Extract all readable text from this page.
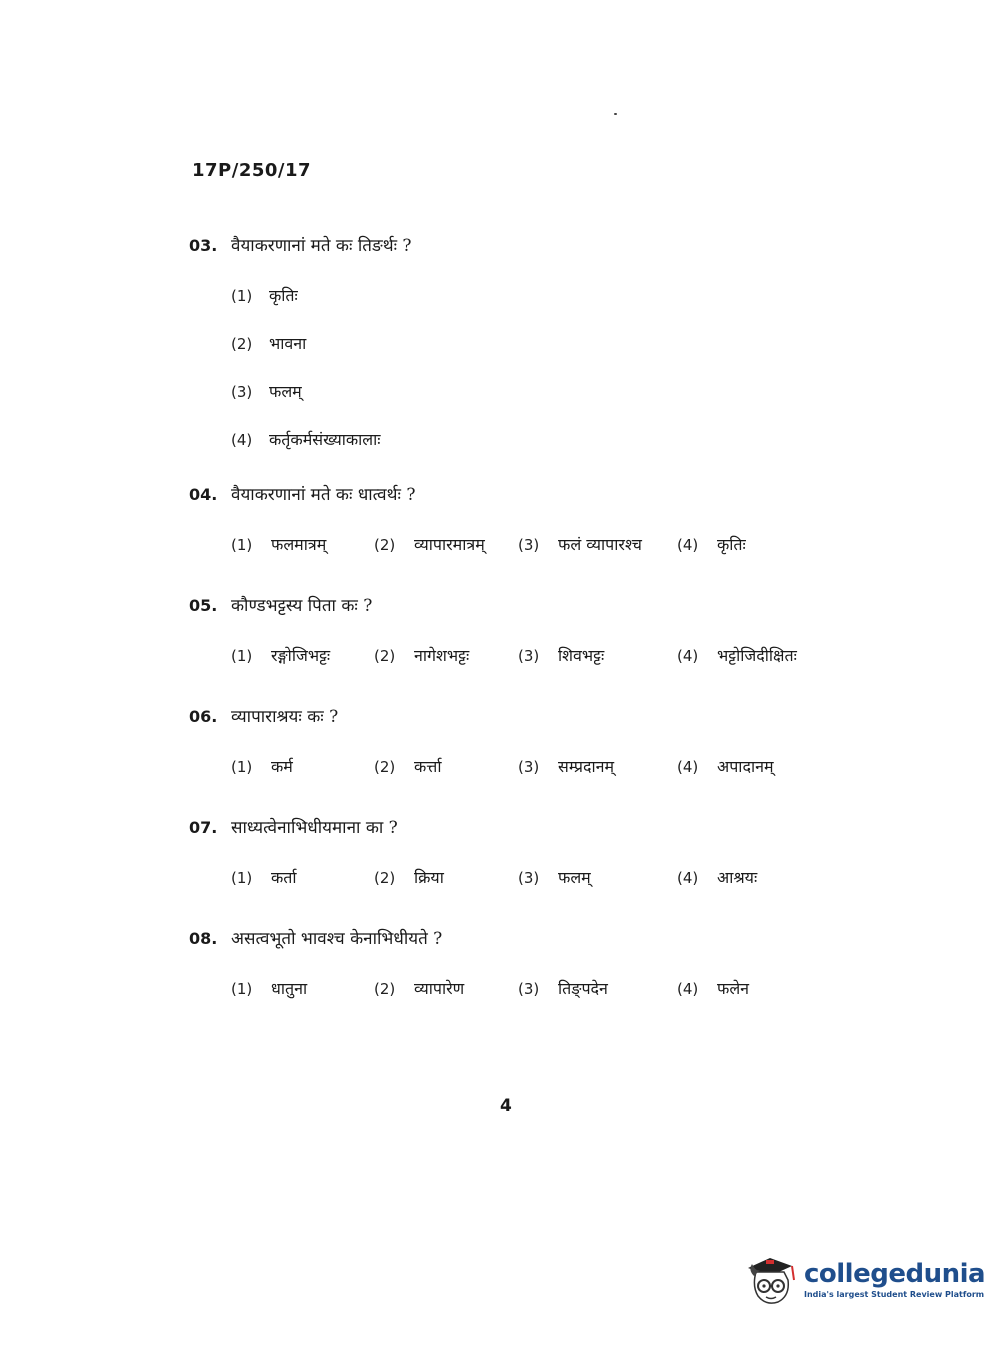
17P/250/17
03. वैयाकरणानां मते कः तिङर्थः ?
(1)	कृतिः
(2)	भावना
(3)	फलम्
(4)	कर्तृकर्मसंख्याकालाः
04. वैयाकरणानां मते कः धात्वर्थः ?
(1)	फलमात्रम्	(2)	व्यापारमात्रम् (3)	फलं व्यापारश्च (4)	कृतिः
05. कौण्डभट्टस्य पिता कः ?
(1)	रङ्गोजिभट्टः	(2)	नागेशभट्टः	(3)	शिवभट्टः	(4)	भट्टोजिदीक्षितः
06. व्यापाराश्रयः कः ?
(1)	कर्म	(2)	कर्त्ता	(3)	सम्प्रदानम्	(4)	अपादानम्
07. साध्यत्वेनाभिधीयमाना का ?
(1)	कर्ता	(2)	क्रिया	(3)	फलम्	(4)	आश्रयः
08. असत्वभूतो भावश्च केनाभिधीयते ?
(1)	धातुना	(2)	व्यापारेण	(3)	तिङ्पदेन	(4)	फलेन
4
collegedunia
India's largest Student Review Platform
